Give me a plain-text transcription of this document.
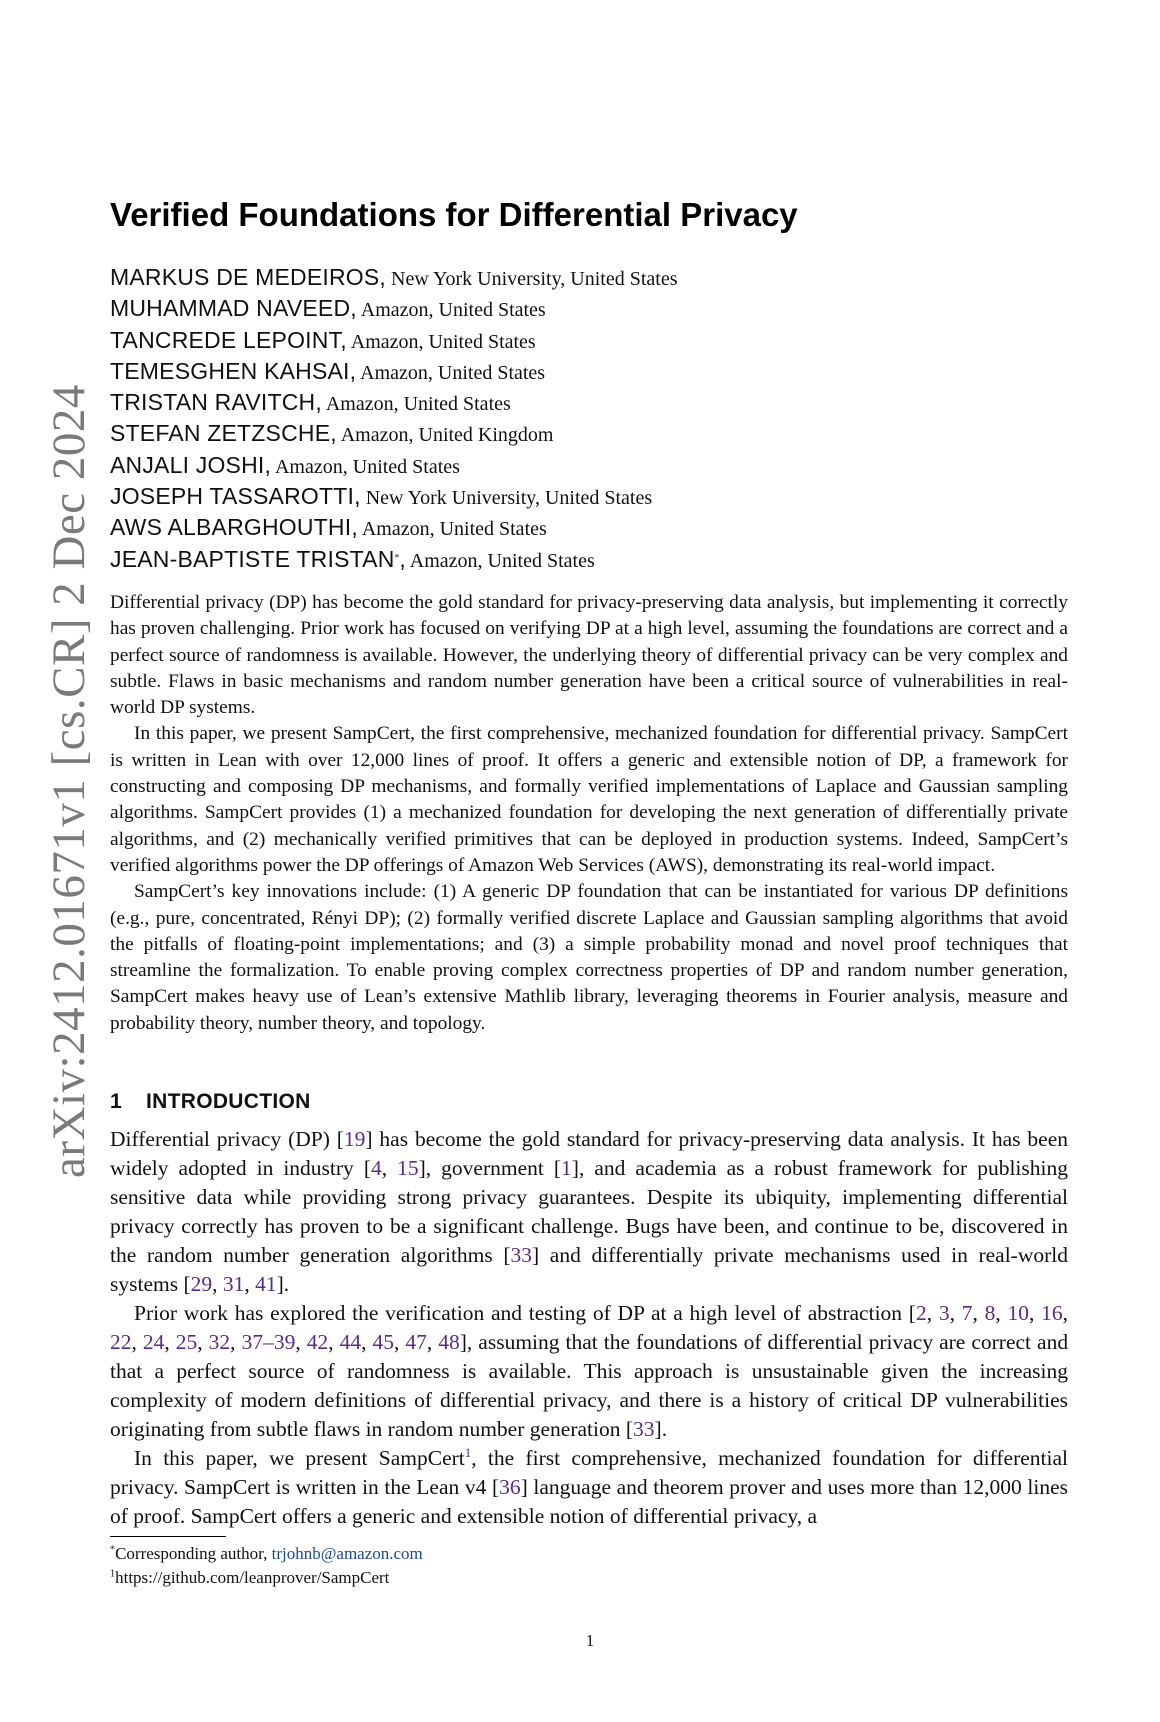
arXiv:2412.01671v1 [cs.CR] 2 Dec 2024
Verified Foundations for Differential Privacy
MARKUS DE MEDEIROS, New York University, United States
MUHAMMAD NAVEED, Amazon, United States
TANCREDE LEPOINT, Amazon, United States
TEMESGHEN KAHSAI, Amazon, United States
TRISTAN RAVITCH, Amazon, United States
STEFAN ZETZSCHE, Amazon, United Kingdom
ANJALI JOSHI, Amazon, United States
JOSEPH TASSAROTTI, New York University, United States
AWS ALBARGHOUTHI, Amazon, United States
JEAN-BAPTISTE TRISTAN*, Amazon, United States

Differential privacy (DP) has become the gold standard for privacy-preserving data analysis, but implementing it correctly has proven challenging. Prior work has focused on verifying DP at a high level, assuming the foundations are correct and a perfect source of randomness is available. However, the underlying theory of differential privacy can be very complex and subtle. Flaws in basic mechanisms and random number generation have been a critical source of vulnerabilities in real-world DP systems.

In this paper, we present SampCert, the first comprehensive, mechanized foundation for differential privacy. SampCert is written in Lean with over 12,000 lines of proof. It offers a generic and extensible notion of DP, a framework for constructing and composing DP mechanisms, and formally verified implementations of Laplace and Gaussian sampling algorithms. SampCert provides (1) a mechanized foundation for developing the next generation of differentially private algorithms, and (2) mechanically verified primitives that can be deployed in production systems. Indeed, SampCert’s verified algorithms power the DP offerings of Amazon Web Services (AWS), demonstrating its real-world impact.

SampCert’s key innovations include: (1) A generic DP foundation that can be instantiated for various DP definitions (e.g., pure, concentrated, Rényi DP); (2) formally verified discrete Laplace and Gaussian sampling algorithms that avoid the pitfalls of floating-point implementations; and (3) a simple probability monad and novel proof techniques that streamline the formalization. To enable proving complex correctness properties of DP and random number generation, SampCert makes heavy use of Lean’s extensive Mathlib library, leveraging theorems in Fourier analysis, measure and probability theory, number theory, and topology.

1 INTRODUCTION

Differential privacy (DP) [19] has become the gold standard for privacy-preserving data analysis. It has been widely adopted in industry [4, 15], government [1], and academia as a robust framework for publishing sensitive data while providing strong privacy guarantees. Despite its ubiquity, implementing differential privacy correctly has proven to be a significant challenge. Bugs have been, and continue to be, discovered in the random number generation algorithms [33] and differentially private mechanisms used in real-world systems [29, 31, 41].

Prior work has explored the verification and testing of DP at a high level of abstraction [2, 3, 7, 8, 10, 16, 22, 24, 25, 32, 37–39, 42, 44, 45, 47, 48], assuming that the foundations of differential privacy are correct and that a perfect source of randomness is available. This approach is unsustainable given the increasing complexity of modern definitions of differential privacy, and there is a history of critical DP vulnerabilities originating from subtle flaws in random number generation [33].

In this paper, we present SampCert$^1$, the first comprehensive, mechanized foundation for differential privacy. SampCert is written in the Lean v4 [36] language and theorem prover and uses more than 12,000 lines of proof. SampCert offers a generic and extensible notion of differential privacy, a

*Corresponding author, trjohnb@amazon.com
$^1$https://github.com/leanprover/SampCert
1
